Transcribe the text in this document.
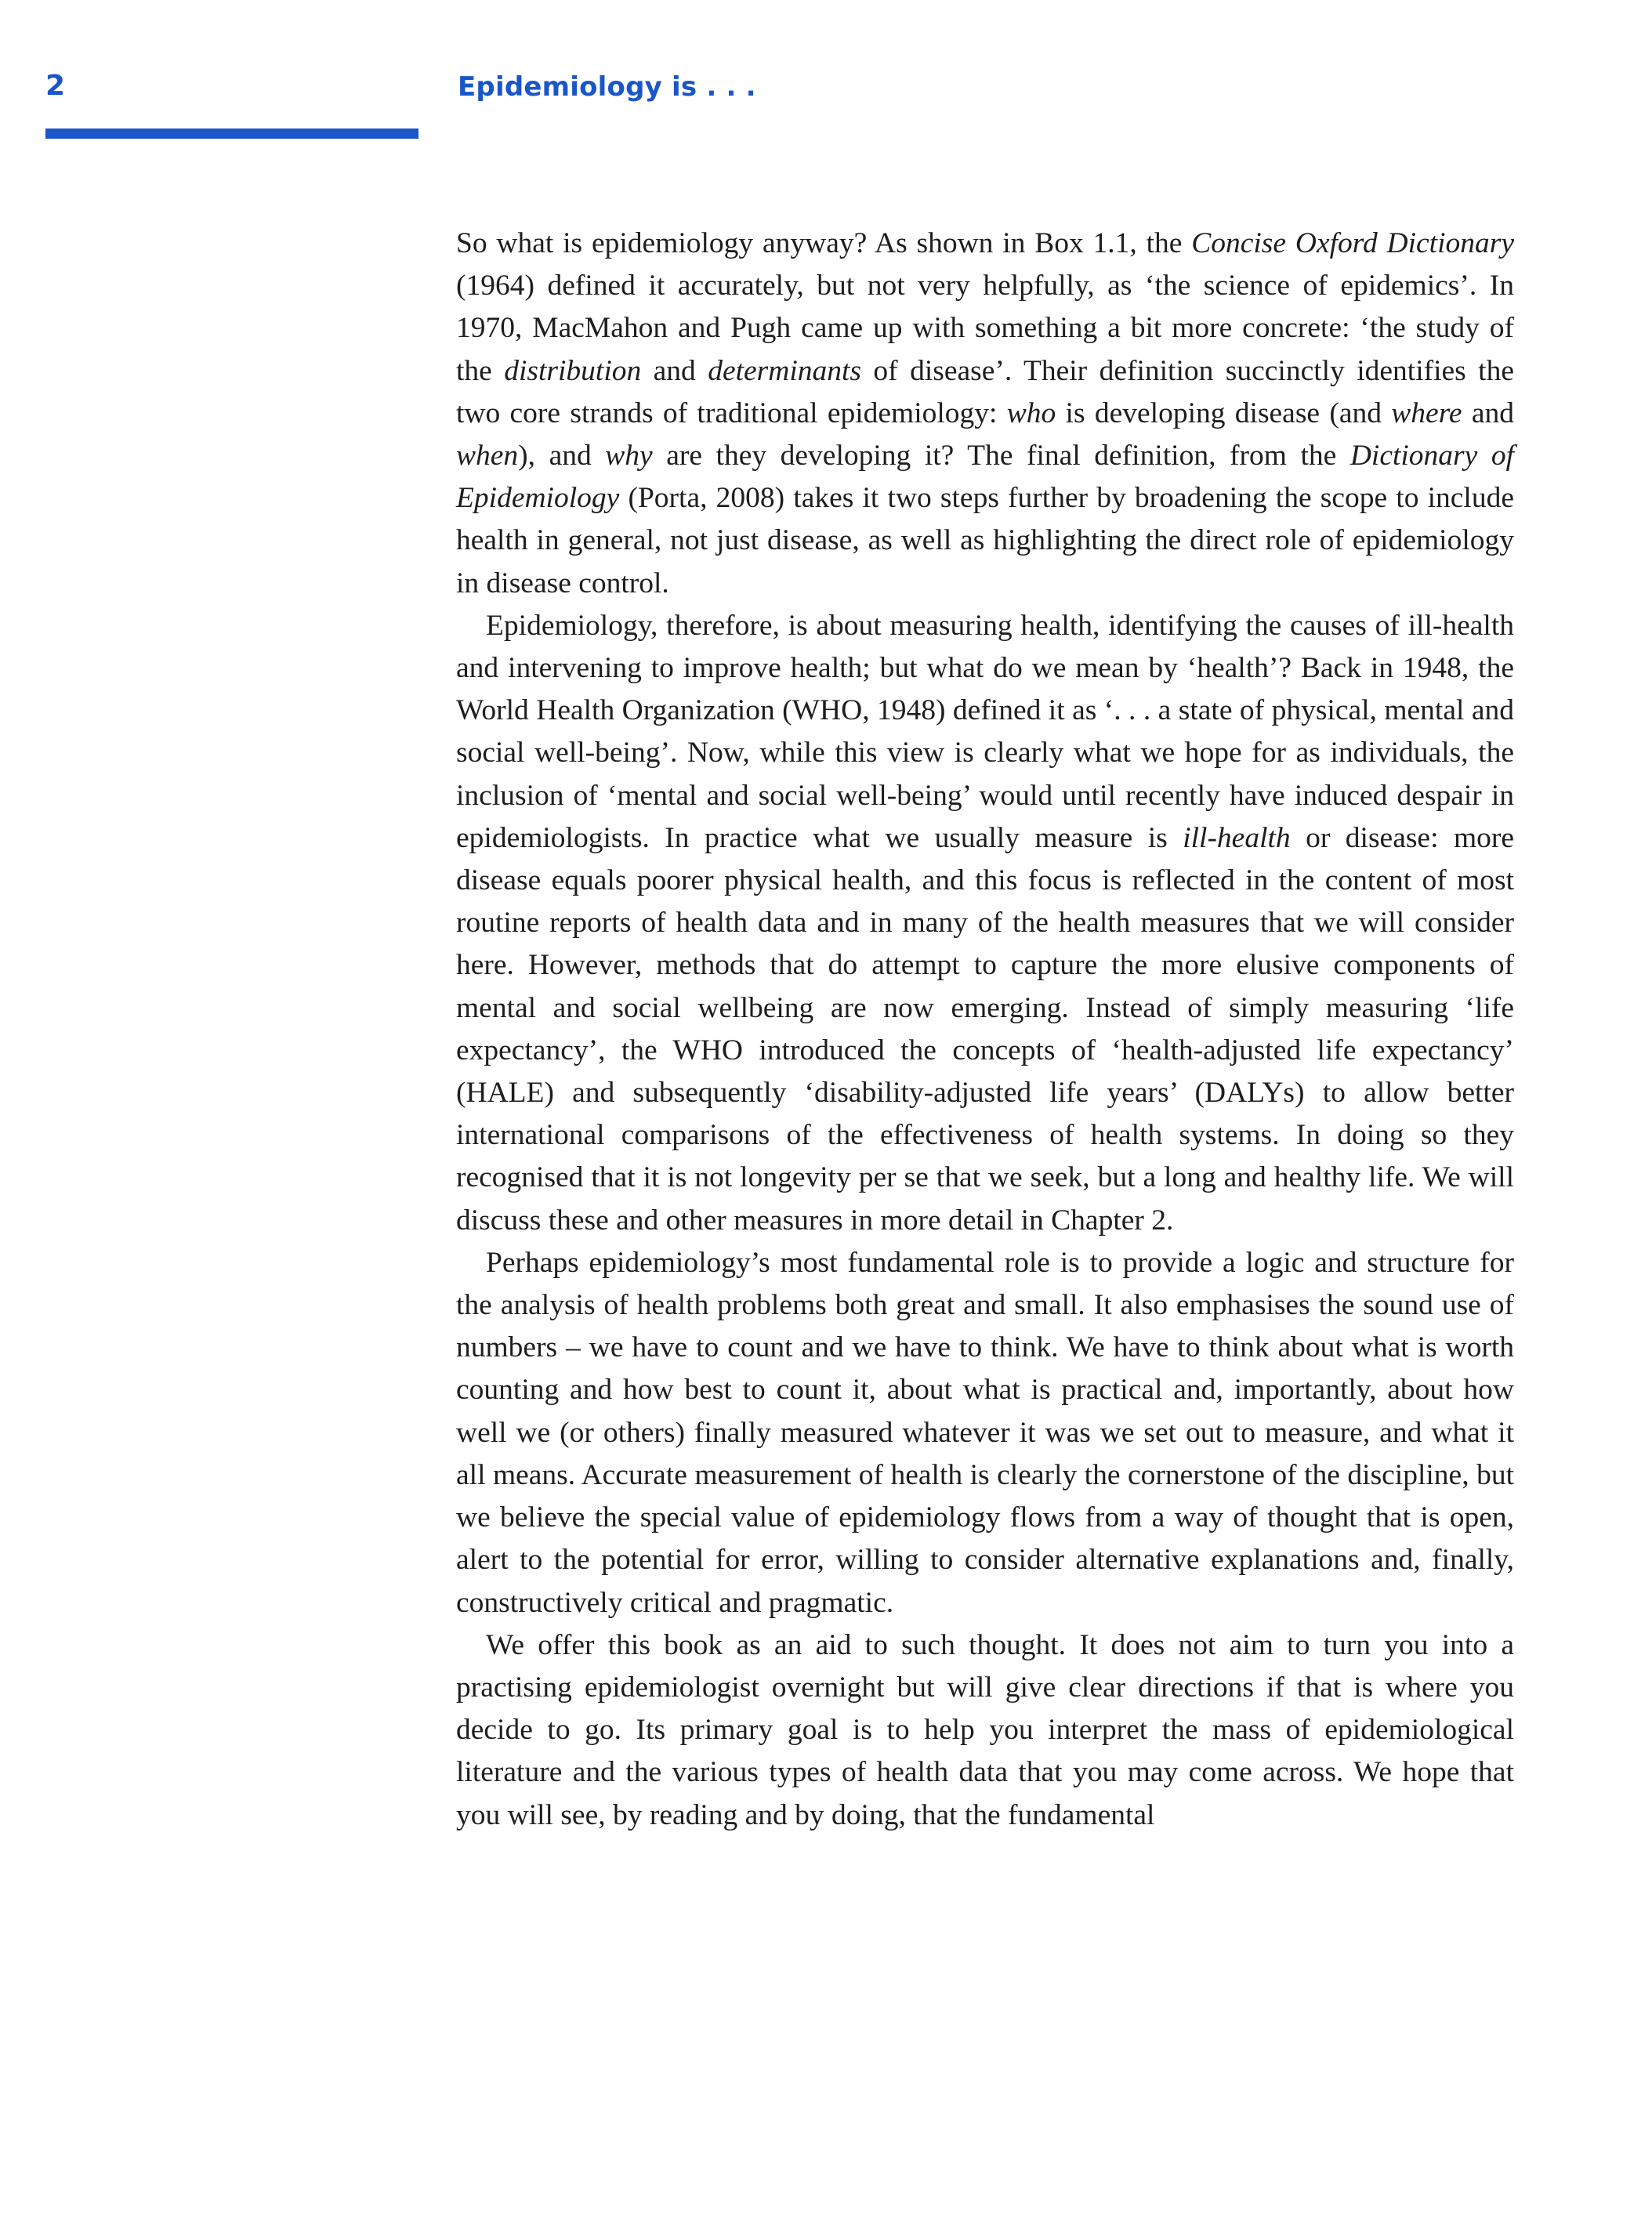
2	Epidemiology is . . .

So what is epidemiology anyway? As shown in Box 1.1, the Concise Oxford Dictionary (1964) defined it accurately, but not very helpfully, as ‘the science of epidemics’. In 1970, MacMahon and Pugh came up with something a bit more concrete: ‘the study of the distribution and determinants of disease’. Their definition succinctly identifies the two core strands of traditional epidemiology: who is developing disease (and where and when), and why are they developing it? The final definition, from the Dictionary of Epidemiology (Porta, 2008) takes it two steps further by broadening the scope to include health in general, not just disease, as well as highlighting the direct role of epidemiology in disease control.

Epidemiology, therefore, is about measuring health, identifying the causes of ill-health and intervening to improve health; but what do we mean by ‘health’? Back in 1948, the World Health Organization (WHO, 1948) defined it as ‘. . . a state of physical, mental and social well-being’. Now, while this view is clearly what we hope for as individuals, the inclusion of ‘mental and social well-being’ would until recently have induced despair in epidemiologists. In practice what we usually measure is ill-health or disease: more disease equals poorer physical health, and this focus is reflected in the content of most routine reports of health data and in many of the health measures that we will consider here. However, methods that do attempt to capture the more elusive components of mental and social wellbeing are now emerging. Instead of simply measuring ‘life expectancy’, the WHO introduced the concepts of ‘health-adjusted life expectancy’ (HALE) and subsequently ‘disability-adjusted life years’ (DALYs) to allow better international comparisons of the effectiveness of health systems. In doing so they recognised that it is not longevity per se that we seek, but a long and healthy life. We will discuss these and other measures in more detail in Chapter 2.

Perhaps epidemiology’s most fundamental role is to provide a logic and structure for the analysis of health problems both great and small. It also emphasises the sound use of numbers – we have to count and we have to think. We have to think about what is worth counting and how best to count it, about what is practical and, importantly, about how well we (or others) finally measured whatever it was we set out to measure, and what it all means. Accurate measurement of health is clearly the cornerstone of the discipline, but we believe the special value of epidemiology flows from a way of thought that is open, alert to the potential for error, willing to consider alternative explanations and, finally, constructively critical and pragmatic.

We offer this book as an aid to such thought. It does not aim to turn you into a practising epidemiologist overnight but will give clear directions if that is where you decide to go. Its primary goal is to help you interpret the mass of epidemiological literature and the various types of health data that you may come across. We hope that you will see, by reading and by doing, that the fundamental
